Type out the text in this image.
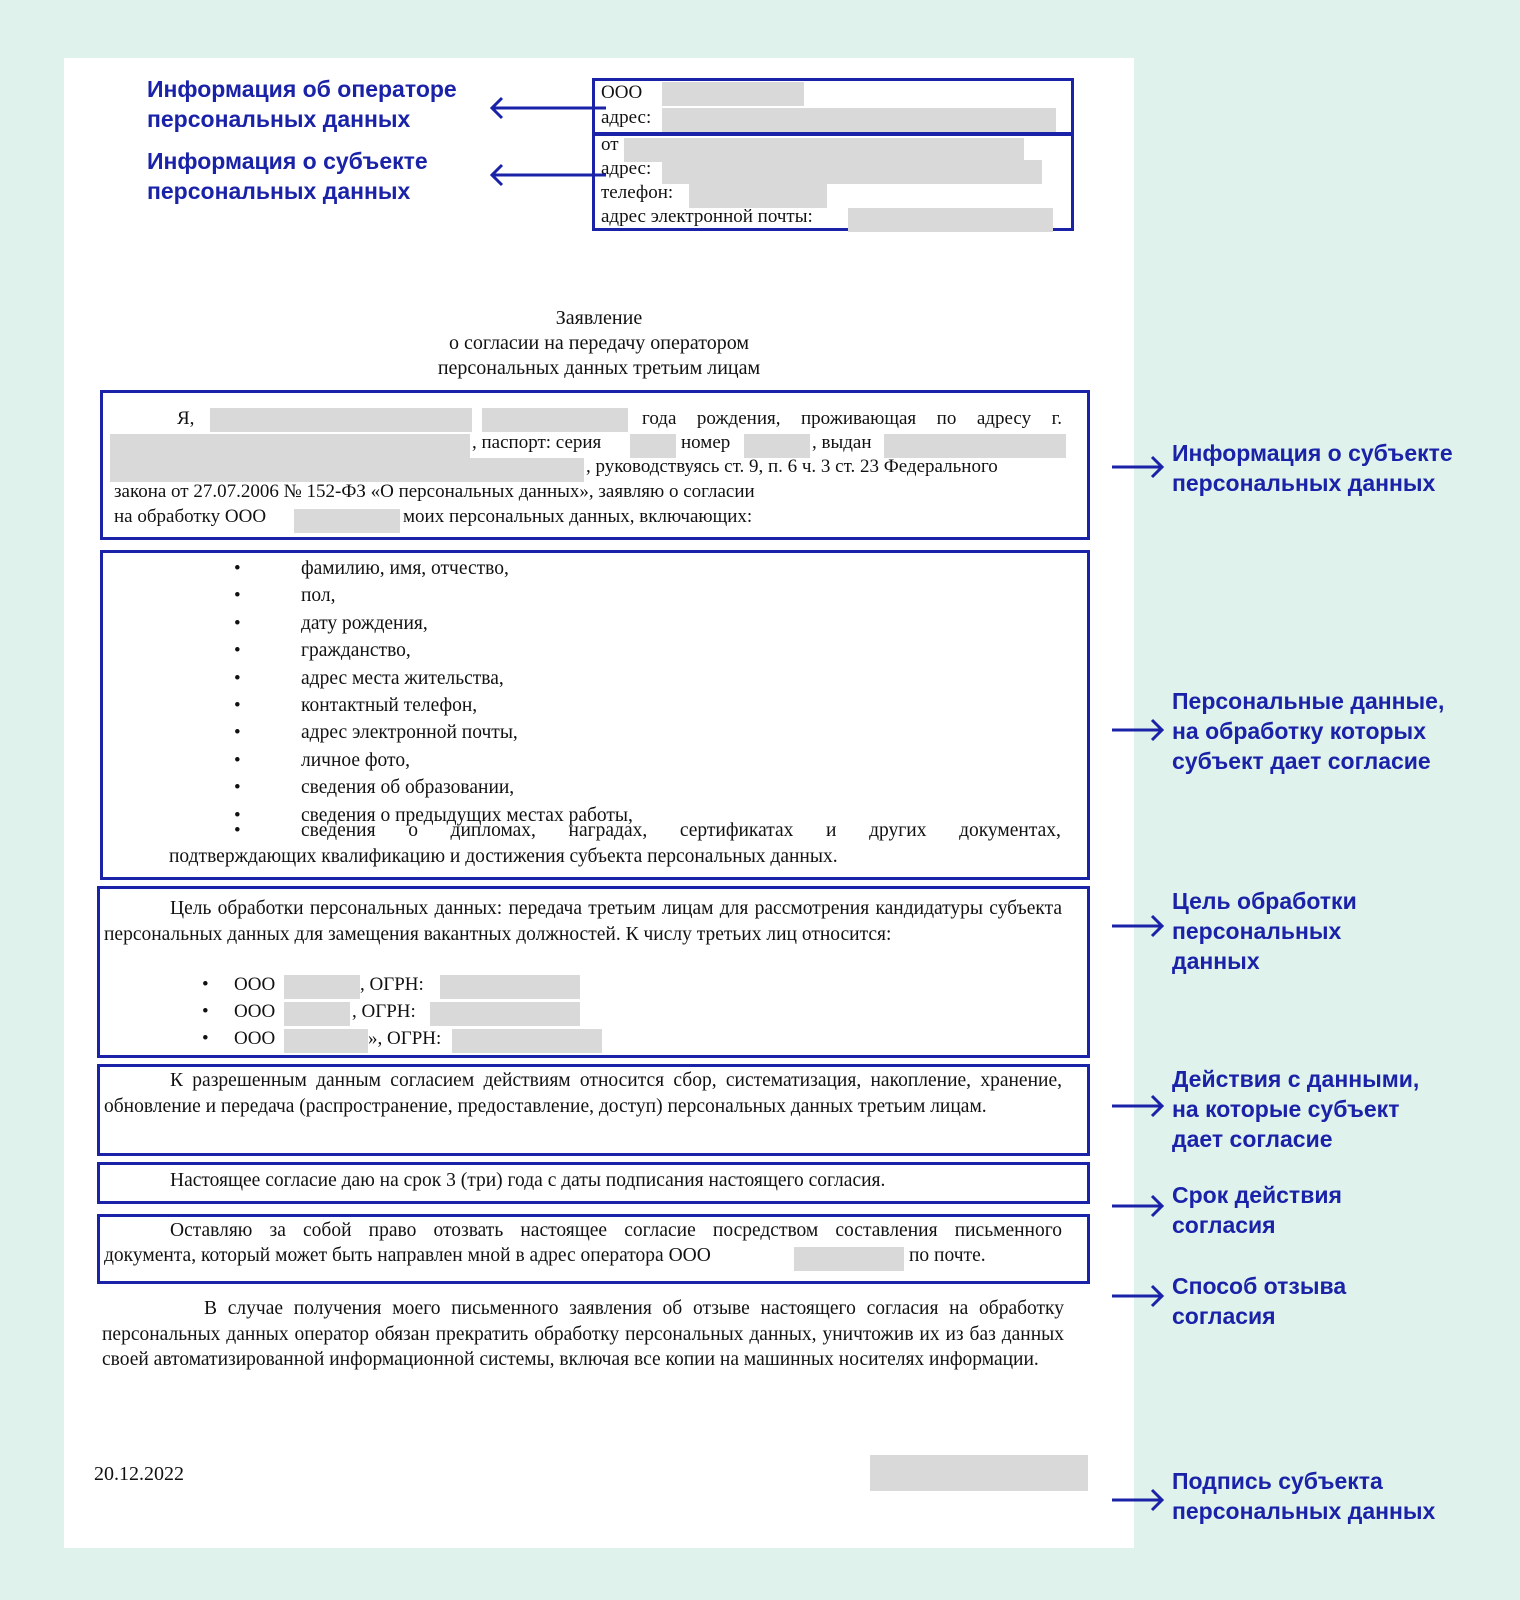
ООО
адрес:
от
адрес:
телефон:
адрес электронной почты:
Заявление
о согласии на передачу оператором
персональных данных третьим лицам
Я,	года рождения, проживающая по адресу г.
, паспорт: серия	номер	, выдан
, руководствуясь ст. 9, п. 6 ч. 3 ст. 23 Федерального
закона от 27.07.2006 № 152-ФЗ «О персональных данных», заявляю о согласии
на обработку ООО	моих персональных данных, включающих:
•	фамилию, имя, отчество,
•	пол,
•	дату рождения,
•	гражданство,
•	адрес места жительства,
•	контактный телефон,
•	адрес электронной почты,
•	личное фото,
•	сведения об образовании,
•	сведения о предыдущих местах работы,
•	сведения о дипломах, наградах, сертификатах и других документах,
подтверждающих квалификацию и достижения субъекта персональных данных.
Цель обработки персональных данных: передача третьим лицам для рассмотрения кандидатуры субъекта персональных данных для замещения вакантных должностей. К числу третьих лиц относится:
• ООО	, ОГРН:
• ООО	, ОГРН:
• ООО	», ОГРН:
К разрешенным данным согласием действиям относится сбор, систематизация, накопление, хранение, обновление и передача (распространение, предоставление, доступ) персональных данных третьим лицам.
Настоящее согласие даю на срок 3 (три) года с даты подписания настоящего согласия.
Оставляю за собой право отозвать настоящее согласие посредством составления письменного
документа, который может быть направлен мной в адрес оператора ООО	по почте.
В случае получения моего письменного заявления об отзыве настоящего согласия на обработку персональных данных оператор обязан прекратить обработку персональных данных, уничтожив их из баз данных своей автоматизированной информационной системы, включая все копии на машинных носителях информации.
20.12.2022
Информация об операторе
персональных данных
Информация о субъекте
персональных данных
Информация о субъекте
персональных данных
Персональные данные,
на обработку которых
субъект дает согласие
Цель обработки
персональных
данных
Действия с данными,
на которые субъект
дает согласие
Срок действия
согласия
Способ отзыва
согласия
Подпись субъекта
персональных данных
